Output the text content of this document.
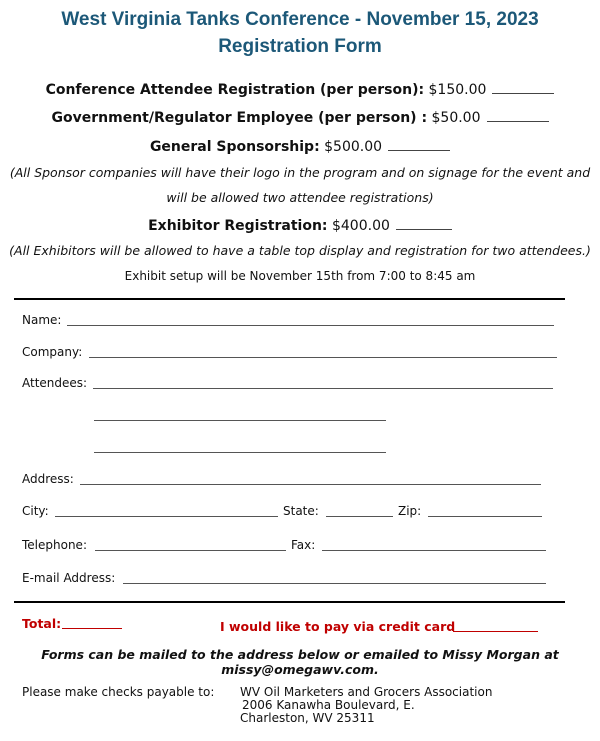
West Virginia Tanks Conference - November 15, 2023
Registration Form
Conference Attendee Registration (per person): $150.00
Government/Regulator Employee (per person) : $50.00
General Sponsorship: $500.00
(All Sponsor companies will have their logo in the program and on signage for the event and
will be allowed two attendee registrations)
Exhibitor Registration: $400.00
(All Exhibitors will be allowed to have a table top display and registration for two attendees.)
Exhibit setup will be November 15th from 7:00 to 8:45 am
Name:
Company:
Attendees:
Address:
City:	State:	Zip:
Telephone:	Fax:
E-mail Address:
Total:	I would like to pay via credit card
Forms can be mailed to the address below or emailed to Missy Morgan at
missy@omegawv.com.
Please make checks payable to: WV Oil Marketers and Grocers Association
2006 Kanawha Boulevard, E.
Charleston, WV 25311
